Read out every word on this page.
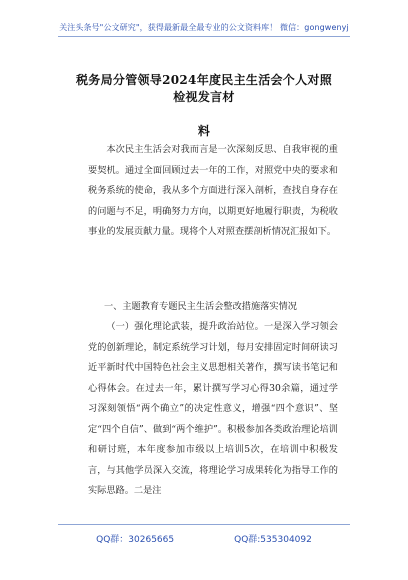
关注头条号"公文研究"，获得最新最全最专业的公文资料库！ 微信：gongwenyj
税务局分管领导2024年度民主生活会个人对照检视发言材
料
本次民主生活会对我而言是一次深刻反思、自我审视的重要契机。通过全面回顾过去一年的工作，对照党中央的要求和税务系统的使命，我从多个方面进行深入剖析，查找自身存在的问题与不足，明确努力方向，以期更好地履行职责，为税收事业的发展贡献力量。现将个人对照查摆剖析情况汇报如下。
一、主题教育专题民主生活会整改措施落实情况
（一）强化理论武装，提升政治站位。一是深入学习领会党的创新理论，制定系统学习计划，每月安排固定时间研读习近平新时代中国特色社会主义思想相关著作，撰写读书笔记和心得体会。在过去一年，累计撰写学习心得30余篇，通过学习深刻领悟“两个确立”的决定性意义，增强“四个意识”、坚定“四个自信”、做到“两个维护”。积极参加各类政治理论培训和研讨班，本年度参加市级以上培训5次，在培训中积极发言，与其他学员深入交流，将理论学习成果转化为指导工作的实际思路。二是注
QQ群：30265665	QQ群:535304092
